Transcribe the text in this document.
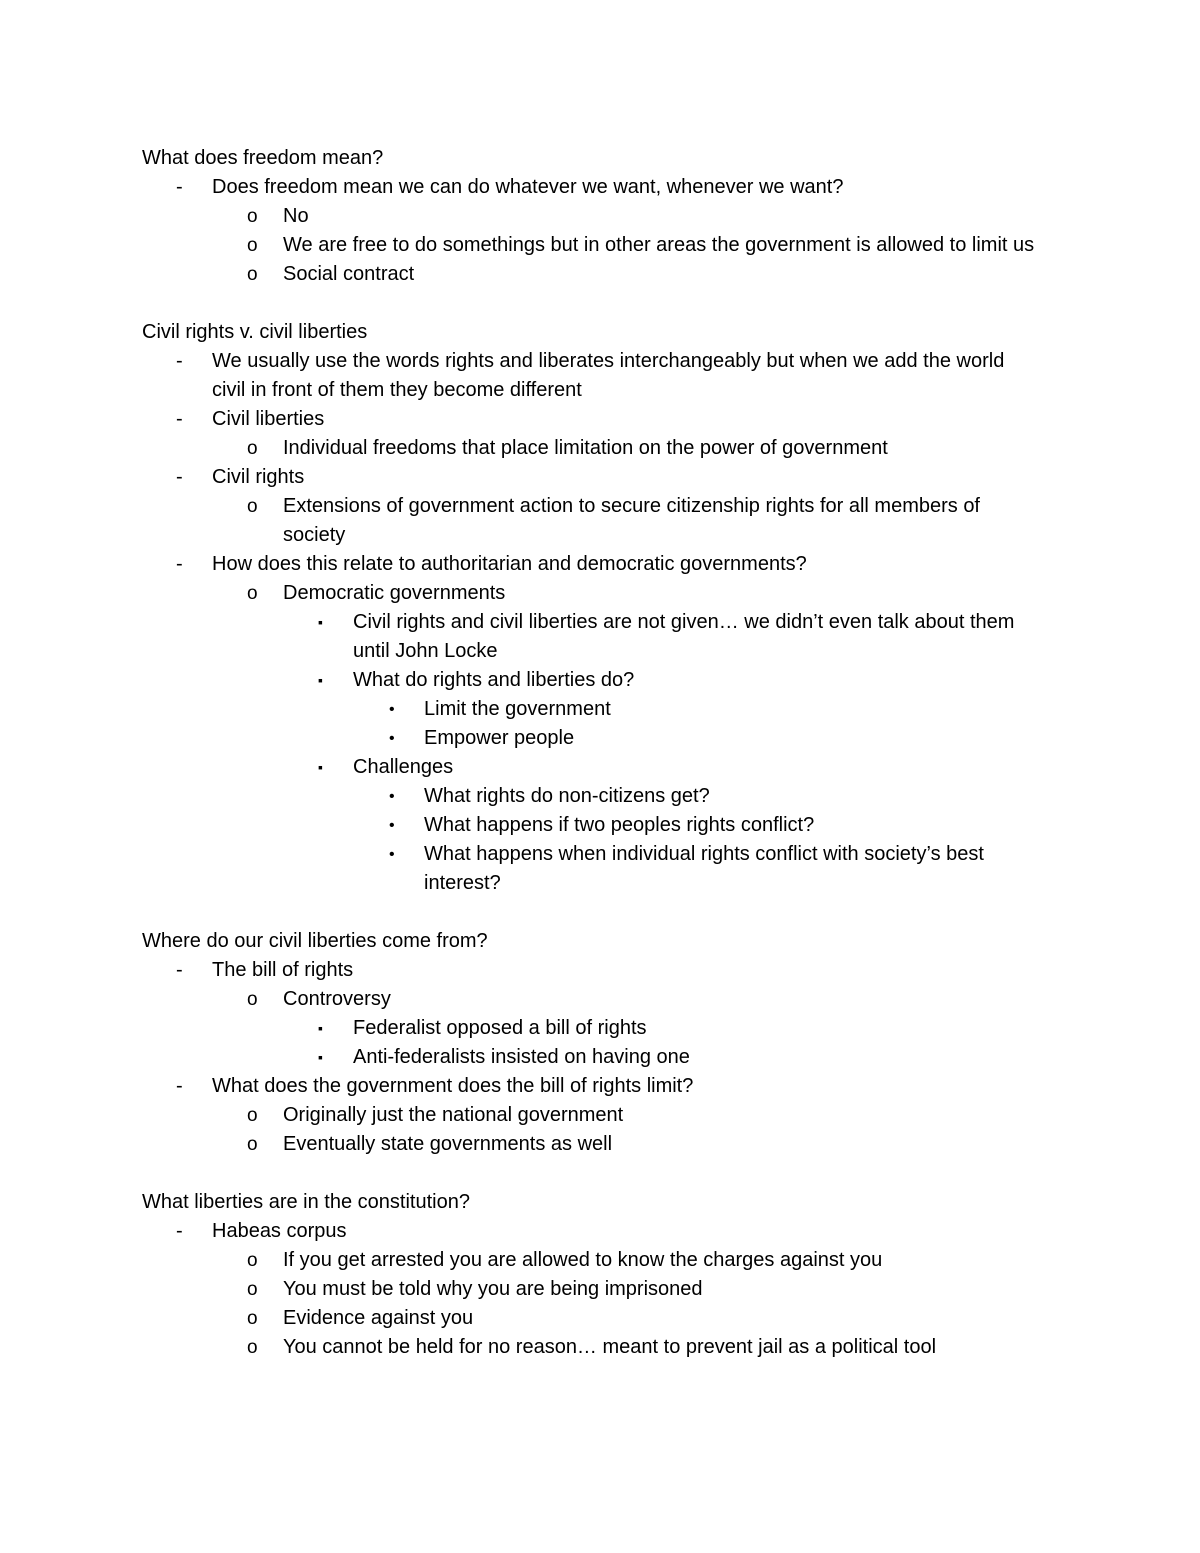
What does freedom mean?
- Does freedom mean we can do whatever we want, whenever we want?
o No
o We are free to do somethings but in other areas the government is allowed to limit us
o Social contract
Civil rights v. civil liberties
- We usually use the words rights and liberates interchangeably but when we add the world civil in front of them they become different
- Civil liberties
o Individual freedoms that place limitation on the power of government
- Civil rights
o Extensions of government action to secure citizenship rights for all members of society
- How does this relate to authoritarian and democratic governments?
o Democratic governments
▪ Civil rights and civil liberties are not given… we didn’t even talk about them until John Locke
▪ What do rights and liberties do?
• Limit the government
• Empower people
▪ Challenges
• What rights do non-citizens get?
• What happens if two peoples rights conflict?
• What happens when individual rights conflict with society’s best interest?
Where do our civil liberties come from?
- The bill of rights
o Controversy
▪ Federalist opposed a bill of rights
▪ Anti-federalists insisted on having one
- What does the government does the bill of rights limit?
o Originally just the national government
o Eventually state governments as well
What liberties are in the constitution?
- Habeas corpus
o If you get arrested you are allowed to know the charges against you
o You must be told why you are being imprisoned
o Evidence against you
o You cannot be held for no reason… meant to prevent jail as a political tool
